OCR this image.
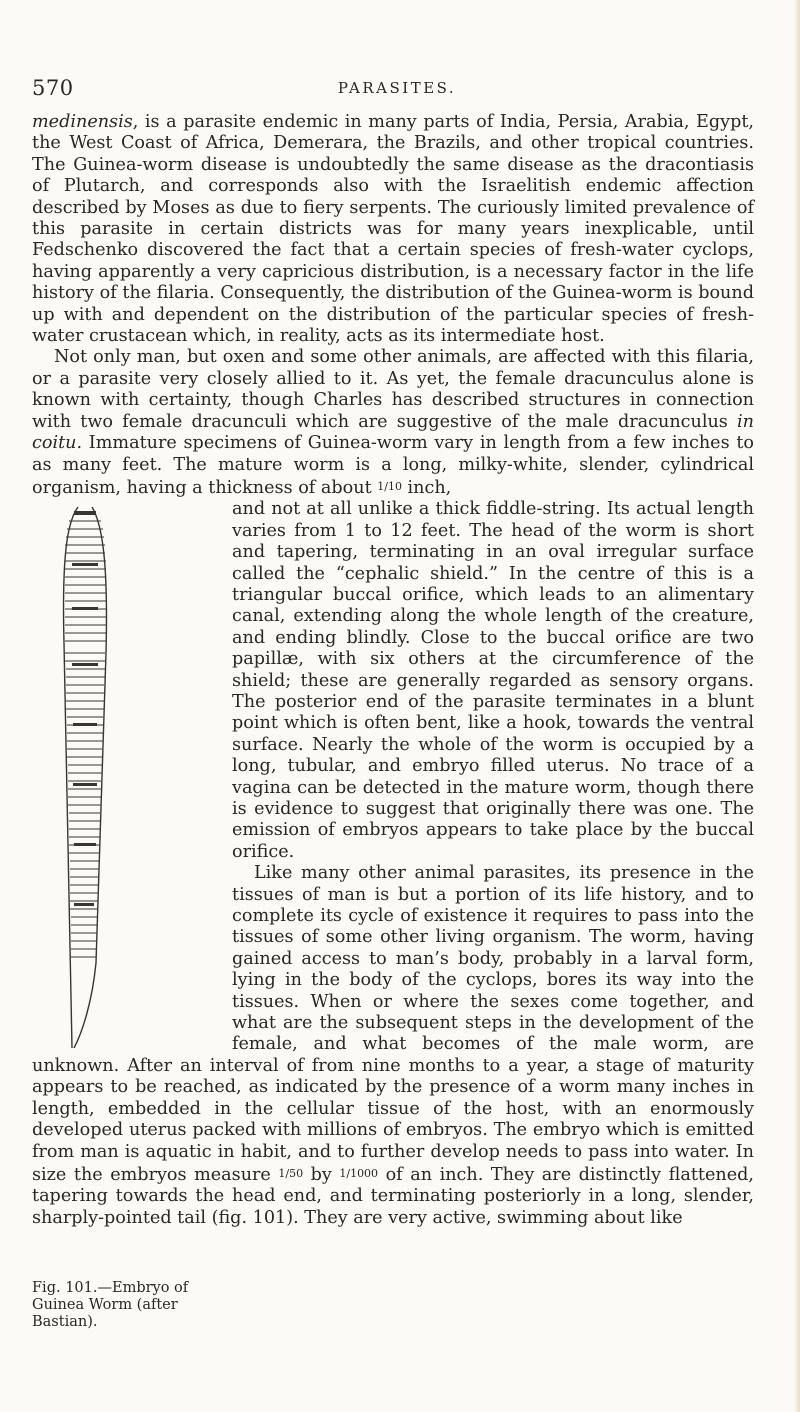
570	PARASITES.

medinensis, is a parasite endemic in many parts of India, Persia, Arabia, Egypt, the West Coast of Africa, Demerara, the Brazils, and other tropical countries. The Guinea-worm disease is undoubtedly the same disease as the dracontiasis of Plutarch, and corresponds also with the Israelitish endemic affection described by Moses as due to fiery serpents. The curiously limited prevalence of this parasite in certain districts was for many years inexplicable, until Fedschenko discovered the fact that a certain species of fresh-water cyclops, having apparently a very capricious distribution, is a necessary factor in the life history of the filaria. Consequently, the distribution of the Guinea-worm is bound up with and dependent on the distribution of the particular species of fresh-water crustacean which, in reality, acts as its intermediate host.

Not only man, but oxen and some other animals, are affected with this filaria, or a parasite very closely allied to it. As yet, the female dracunculus alone is known with certainty, though Charles has described structures in connection with two female dracunculi which are suggestive of the male dracunculus in coitu. Immature specimens of Guinea-worm vary in length from a few inches to as many feet. The mature worm is a long, milky-white, slender, cylindrical organism, having a thickness of about 1/10 inch,

and not at all unlike a thick fiddle-string. Its actual length varies from 1 to 12 feet. The head of the worm is short and tapering, terminating in an oval irregular surface called the “cephalic shield.” In the centre of this is a triangular buccal orifice, which leads to an alimentary canal, extending along the whole length of the creature, and ending blindly. Close to the buccal orifice are two papillæ, with six others at the circumference of the shield; these are generally regarded as sensory organs. The posterior end of the parasite terminates in a blunt point which is often bent, like a hook, towards the ventral surface. Nearly the whole of the worm is occupied by a long, tubular, and embryo filled uterus. No trace of a vagina can be detected in the mature worm, though there is evidence to suggest that originally there was one. The emission of embryos appears to take place by the buccal orifice.

Like many other animal parasites, its presence in the tissues of man is but a portion of its life history, and to complete its cycle of existence it requires to pass into the tissues of some other living organism. The worm, having gained access to man’s body, probably in a larval form, lying in the body of the cyclops, bores its way into the tissues. When or where the sexes come together, and what are the subsequent steps in the development of the female, and what becomes of the male worm, are unknown. After an interval of from nine months to a year, a stage of maturity appears to be reached, as indicated by the presence of a worm many inches in length, embedded in the cellular tissue of the host, with an enormously developed uterus packed with millions of embryos. The embryo which is emitted from man is aquatic in habit, and to further develop needs to pass into water. In size the embryos measure 1/50 by 1/1000 of an inch. They are distinctly flattened, tapering towards the head end, and terminating posteriorly in a long, slender, sharply-pointed tail (fig. 101). They are very active, swimming about like

Fig. 101.—Embryo of Guinea Worm (after Bastian).
